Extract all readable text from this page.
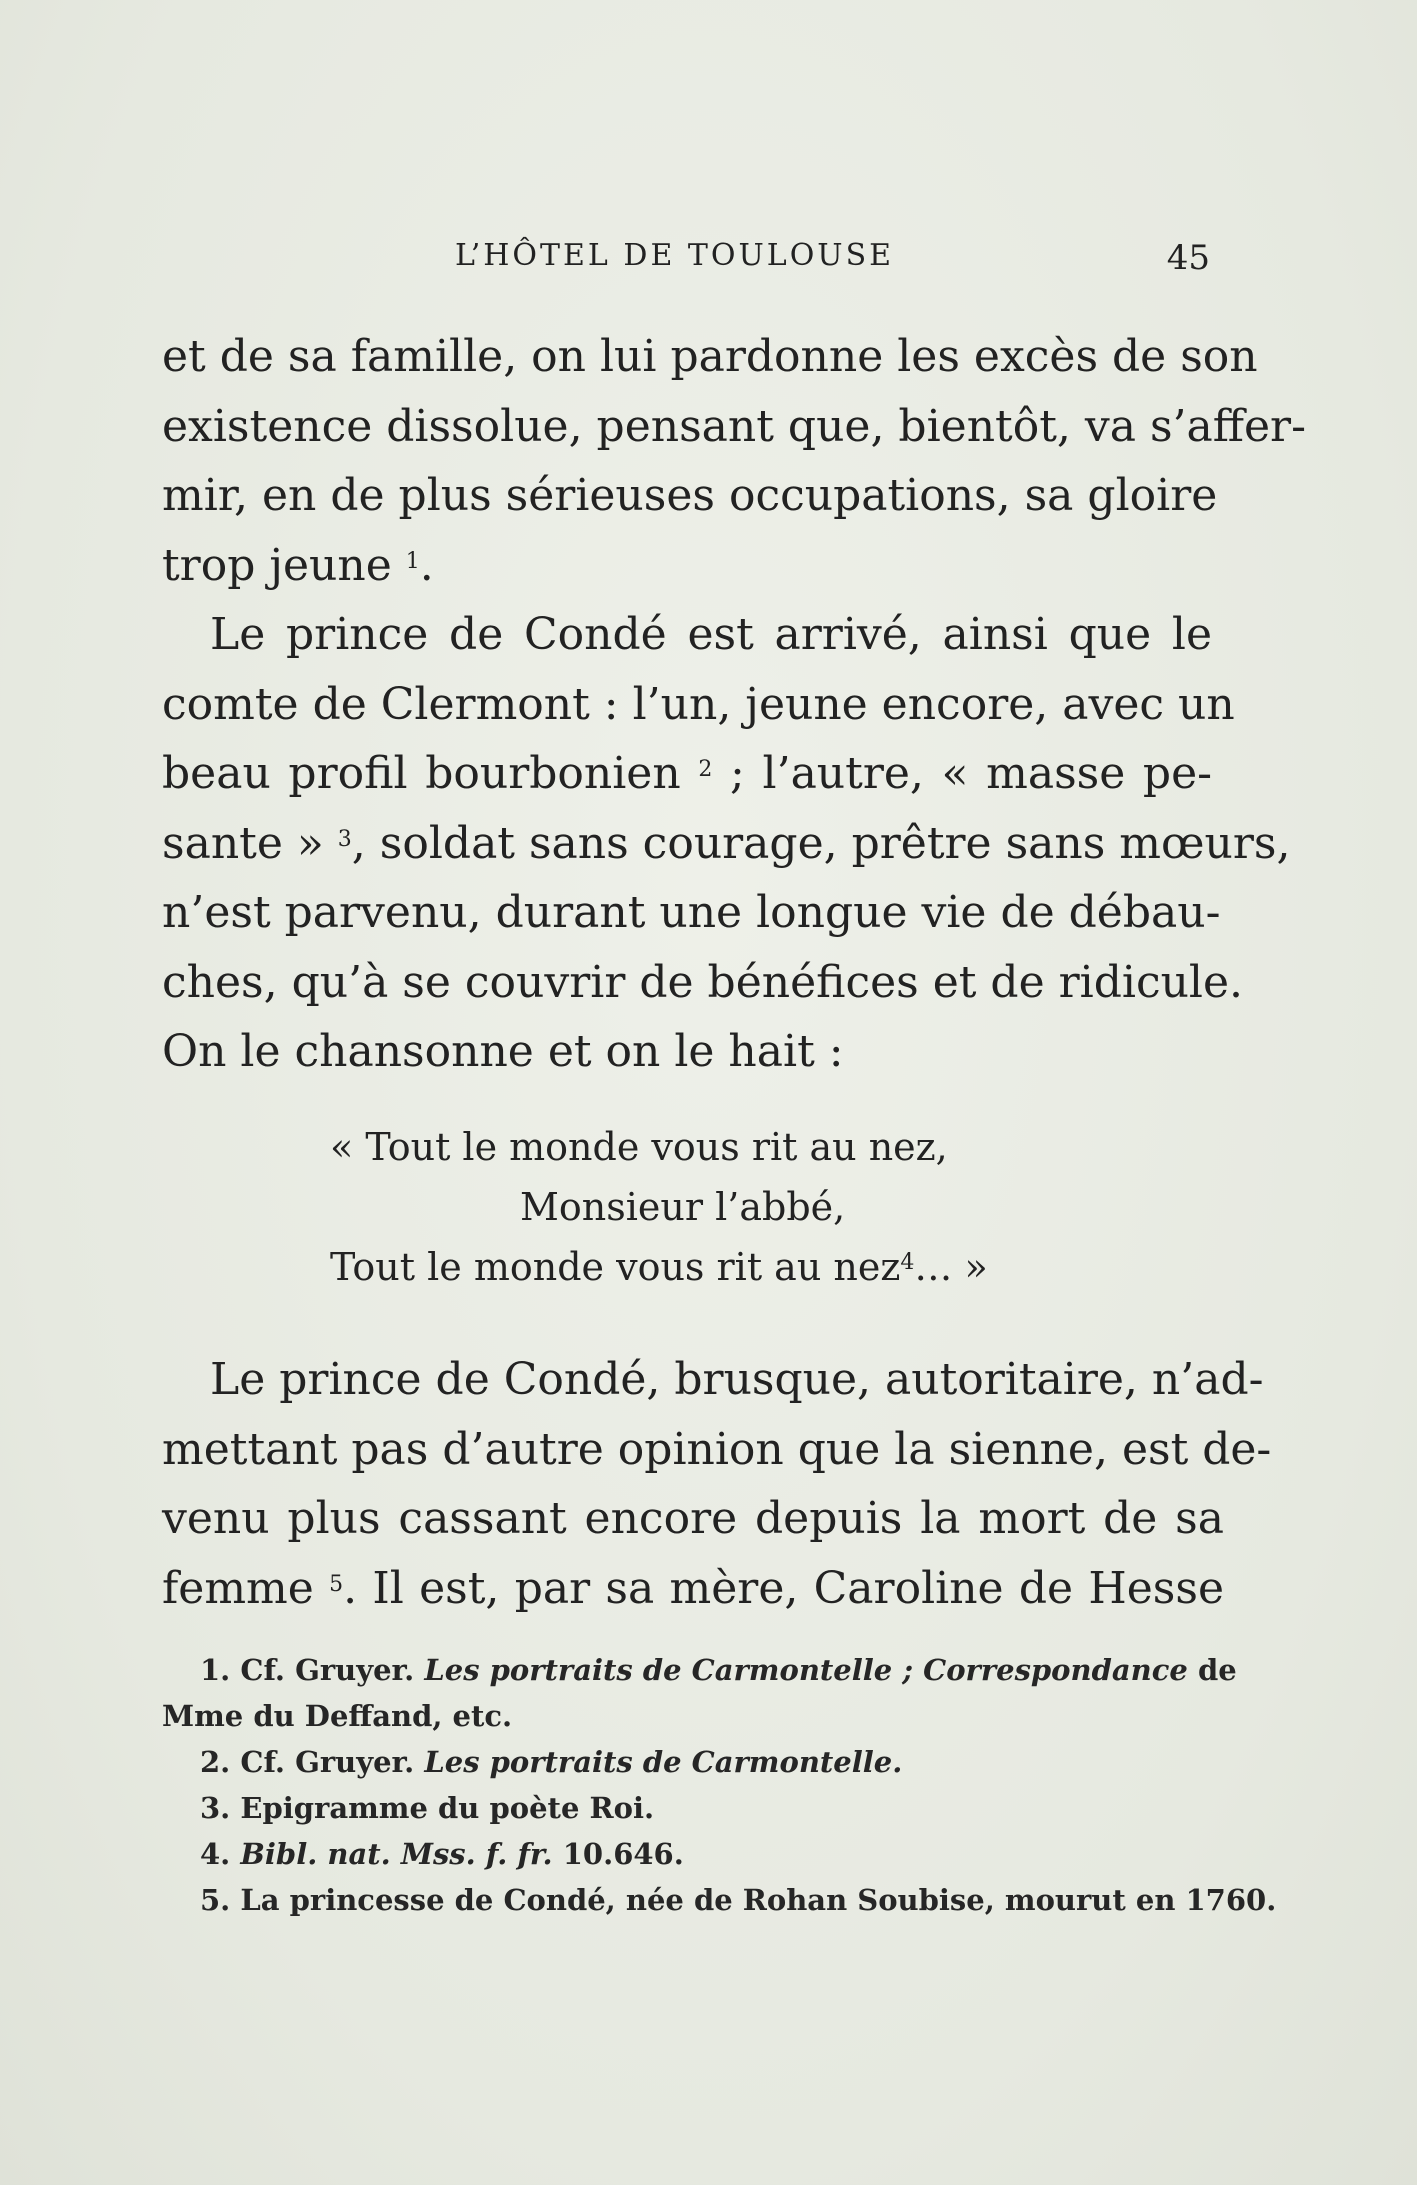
L’HÔTEL DE TOULOUSE	45
et de sa famille, on lui pardonne les excès de son
existence dissolue, pensant que, bientôt, va s’affer-
mir, en de plus sérieuses occupations, sa gloire
trop jeune $^1$.
Le prince de Condé est arrivé, ainsi que le
comte de Clermont : l’un, jeune encore, avec un
beau profil bourbonien $^2$ ; l’autre, « masse pe-
sante » $^3$, soldat sans courage, prêtre sans mœurs,
n’est parvenu, durant une longue vie de débau-
ches, qu’à se couvrir de bénéfices et de ridicule.
On le chansonne et on le hait :
« Tout le monde vous rit au nez,
Monsieur l’abbé,
Tout le monde vous rit au nez$^4$… »
Le prince de Condé, brusque, autoritaire, n’ad-
mettant pas d’autre opinion que la sienne, est de-
venu plus cassant encore depuis la mort de sa
femme $^5$. Il est, par sa mère, Caroline de Hesse
1. Cf. Gruyer. Les portraits de Carmontelle ; Correspondance de
Mme du Deffand, etc.
2. Cf. Gruyer. Les portraits de Carmontelle.
3. Epigramme du poète Roi.
4. Bibl. nat. Mss. f. fr. 10.646.
5. La princesse de Condé, née de Rohan Soubise, mourut en 1760.
